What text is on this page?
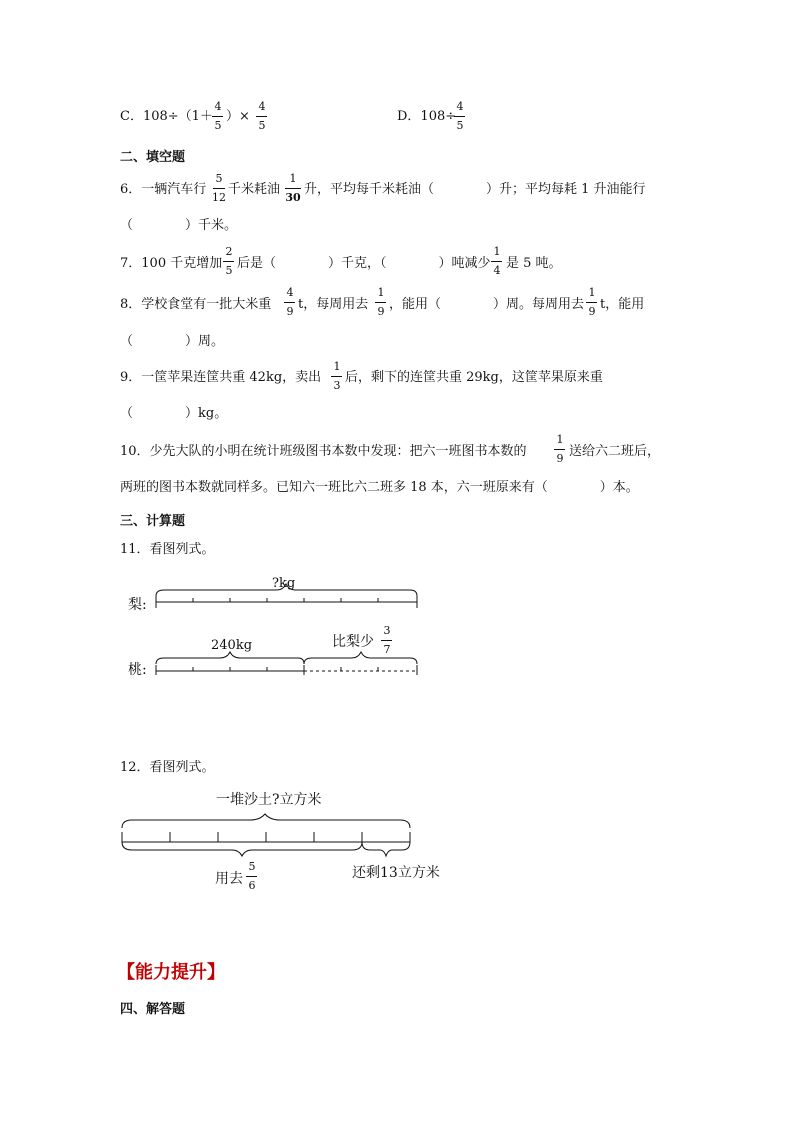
C．108÷（1＋
4
5
）×
4
5
D．108÷
4
5
二、填空题
6．一辆汽车行
5
12
千米耗油
1
30
升，平均每千米耗油（　　　　）升；平均每耗 1 升油能行
（　　　　）千米。
7．100 千克增加
2
5 后是（　　　　）千克，（　　　　）吨减少
1
4 是 5 吨。
8．学校食堂有一批大米重
4
9 t，每周用去
1
9 ，能用（　　　　）周。每周用去
1
9 t，能用
（　　　　）周。
9．一筐苹果连筐共重 42kg，卖出
1
3
后，剩下的连筐共重 29kg，这筐苹果原来重
（　　　　）kg。
10．少先大队的小明在统计班级图书本数中发现：把六一班图书本数的
1
9 送给六二班后，
两班的图书本数就同样多。已知六一班比六二班多 18 本，六一班原来有（　　　　）本。
三、计算题
11．看图列式。
梨:
?kg
桃:
240kg	比梨少
3
7
12．看图列式。
一堆沙土?立方米
用去
5
6
还剩13立方米
【能力提升】
四、解答题
